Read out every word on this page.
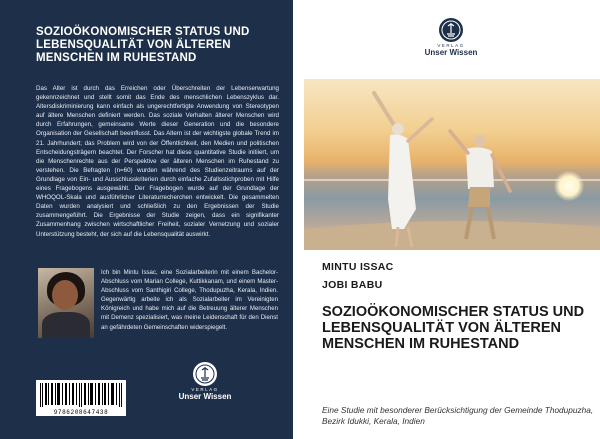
SOZIOÖKONOMISCHER STATUS UND LEBENSQUALITÄT VON ÄLTEREN MENSCHEN IM RUHESTAND
Das Alter ist durch das Erreichen oder Überschreiten der Lebenserwartung gekennzeichnet und stellt somit das Ende des menschlichen Lebenszyklus dar. Altersdiskriminierung kann einfach als ungerechtfertigte Anwendung von Stereotypen auf ältere Menschen definiert werden. Das soziale Verhalten älterer Menschen wird durch Erfahrungen, gemeinsame Werte dieser Generation und die besondere Organisation der Gesellschaft beeinflusst. Das Altern ist der wichtigste globale Trend im 21. Jahrhundert; das Problem wird von der Öffentlichkeit, den Medien und politischen Entscheidungsträgern beachtet. Der Forscher hat diese quantitative Studie initiiert, um die Menschenrechte aus der Perspektive der älteren Menschen im Ruhestand zu verstehen. Die Befragten (n=60) wurden während des Studienzeitraums auf der Grundlage von Ein- und Ausschlusskriterien durch einfache Zufallsstichproben mit Hilfe eines Fragebogens ausgewählt. Der Fragebogen wurde auf der Grundlage der WHOQOL-Skala und ausführlicher Literaturrecherchen entwickelt. Die gesammelten Daten wurden analysiert und schließlich zu den Ergebnissen der Studie zusammengeführt. Die Ergebnisse der Studie zeigen, dass ein signifikanter Zusammenhang zwischen wirtschaftlicher Freiheit, sozialer Vernetzung und sozialer Unterstützung besteht, der sich auf die Lebensqualität auswirkt.
Ich bin Mintu Issac, eine Sozialarbeiterin mit einem Bachelor-Abschluss vom Marian College, Kuttikkanam, und einem Master-Abschluss vom Santhigiri College, Thodupuzha, Kerala, Indien. Gegenwärtig arbeite ich als Sozialarbeiter im Vereinigten Königreich und habe mich auf die Betreuung älterer Menschen mit Demenz spezialisiert, was meine Leidenschaft für den Dienst an gefährdeten Gemeinschaften widerspiegelt.
VERLAG
Unser Wissen
9786208647438
VERLAG
Unser Wissen
MINTU ISSAC
JOBI BABU
SOZIOÖKONOMISCHER STATUS UND LEBENSQUALITÄT VON ÄLTEREN MENSCHEN IM RUHESTAND
Eine Studie mit besonderer Berücksichtigung der Gemeinde Thodupuzha, Bezirk Idukki, Kerala, Indien
